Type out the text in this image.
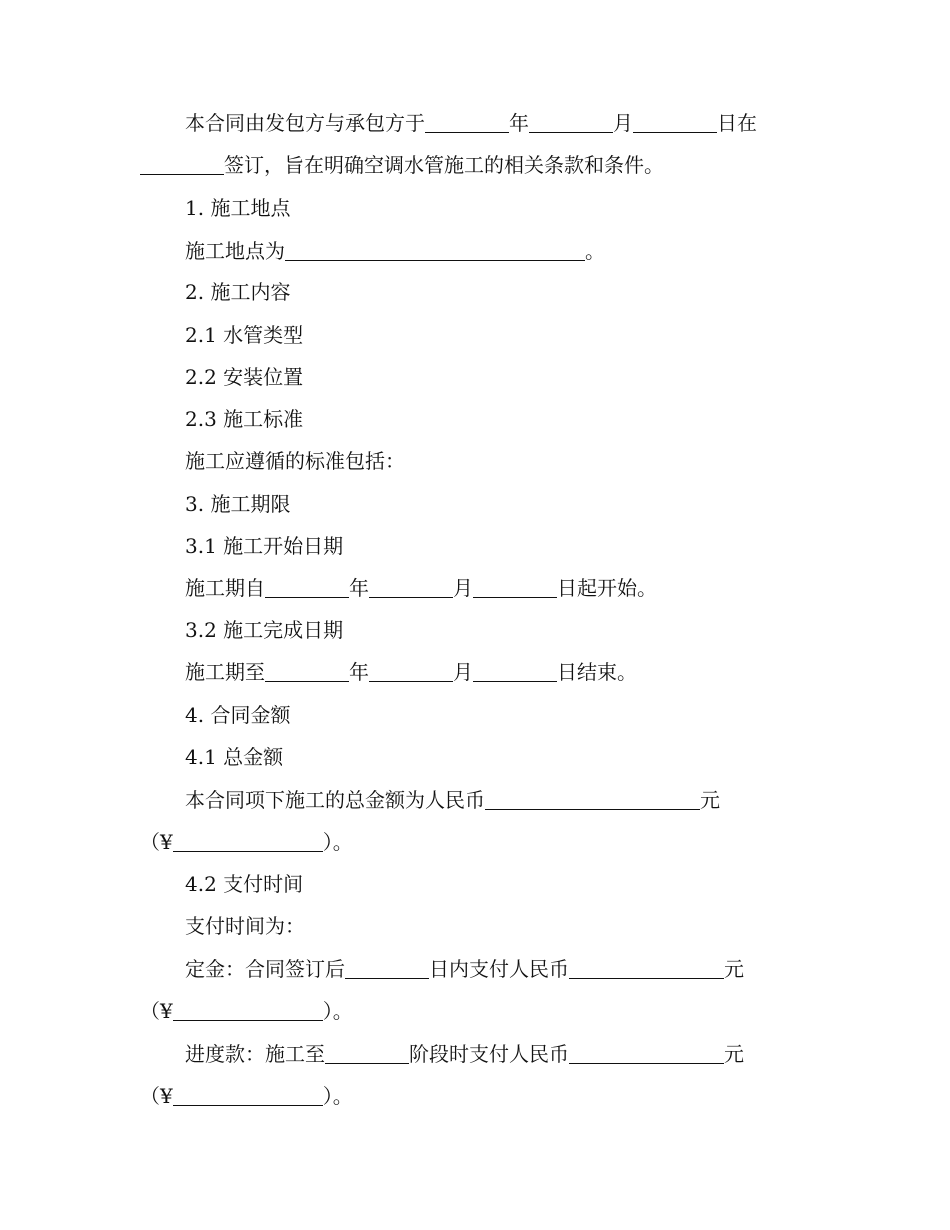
本合同由发包方与承包方于	年	月	日在
签订，旨在明确空调水管施工的相关条款和条件。
1. 施工地点
施工地点为	。
2. 施工内容
2.1 水管类型
2.2 安装位置
2.3 施工标准
施工应遵循的标准包括：
3. 施工期限
3.1 施工开始日期
施工期自	年	月	日起开始。
3.2 施工完成日期
施工期至	年	月	日结束。
4. 合同金额
4.1 总金额
本合同项下施工的总金额为人民币	元
（¥	）。
4.2 支付时间
支付时间为：
定金：合同签订后	日内支付人民币	元
（¥	）。
进度款：施工至	阶段时支付人民币	元
（¥	）。
